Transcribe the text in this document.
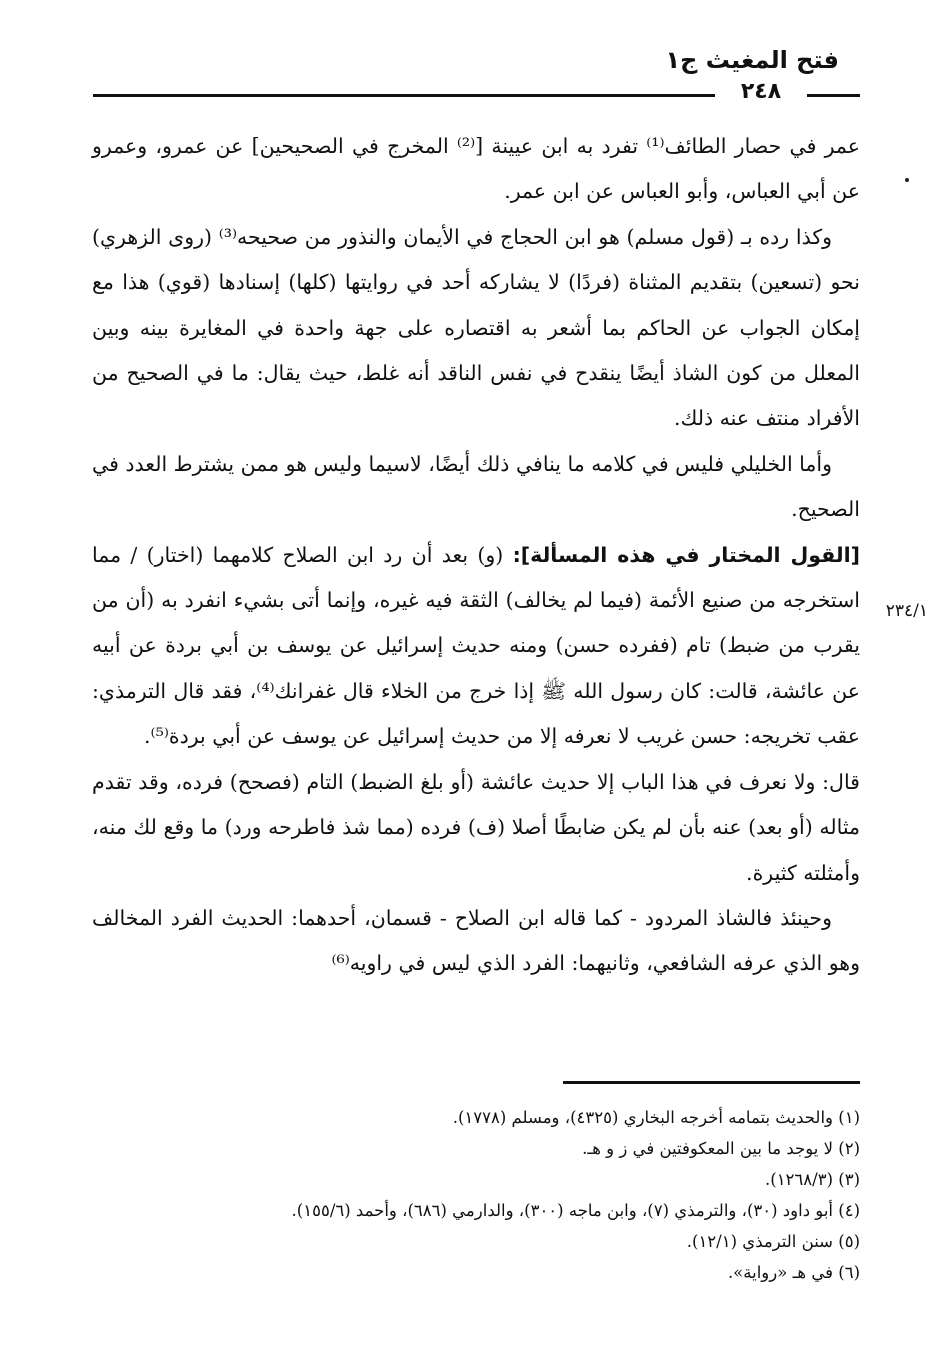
فتح المغيث ج١
٢٤٨
٢٣٤/١

عمر في حصار الطائف⁽¹⁾ تفرد به ابن عيينة [⁽²⁾ المخرج في الصحيحين] عن عمرو، وعمرو عن أبي العباس، وأبو العباس عن ابن عمر.

وكذا رده بـ (قول مسلم) هو ابن الحجاج في الأيمان والنذور من صحيحه⁽³⁾ (روى الزهري) نحو (تسعين) بتقديم المثناة (فردًا) لا يشاركه أحد في روايتها (كلها) إسنادها (قوي) هذا مع إمكان الجواب عن الحاكم بما أشعر به اقتصاره على جهة واحدة في المغايرة بينه وبين المعلل من كون الشاذ أيضًا ينقدح في نفس الناقد أنه غلط، حيث يقال: ما في الصحيح من الأفراد منتف عنه ذلك.

وأما الخليلي فليس في كلامه ما ينافي ذلك أيضًا، لاسيما وليس هو ممن يشترط العدد في الصحيح.

[القول المختار في هذه المسألة]: (و) بعد أن رد ابن الصلاح كلامهما (اختار) / مما استخرجه من صنيع الأئمة (فيما لم يخالف) الثقة فيه غيره، وإنما أتى بشيء انفرد به (أن من يقرب من ضبط) تام (ففرده حسن) ومنه حديث إسرائيل عن يوسف بن أبي بردة عن أبيه عن عائشة، قالت: كان رسول الله ﷺ إذا خرج من الخلاء قال غفرانك⁽⁴⁾، فقد قال الترمذي: عقب تخريجه: حسن غريب لا نعرفه إلا من حديث إسرائيل عن يوسف عن أبي بردة⁽⁵⁾.

قال: ولا نعرف في هذا الباب إلا حديث عائشة (أو بلغ الضبط) التام (فصحح) فرده، وقد تقدم مثاله (أو بعد) عنه بأن لم يكن ضابطًا أصلا (ف) فرده (مما شذ فاطرحه ورد) ما وقع لك منه، وأمثلته كثيرة.

وحينئذ فالشاذ المردود - كما قاله ابن الصلاح - قسمان، أحدهما: الحديث الفرد المخالف وهو الذي عرفه الشافعي، وثانيهما: الفرد الذي ليس في راويه⁽⁶⁾

(١) والحديث بتمامه أخرجه البخاري (٤٣٢٥)، ومسلم (١٧٧٨).
(٢) لا يوجد ما بين المعكوفتين في ز و هـ.
(٣) (١٢٦٨/٣).
(٤) أبو داود (٣٠)، والترمذي (٧)، وابن ماجه (٣٠٠)، والدارمي (٦٨٦)، وأحمد (١٥٥/٦).
(٥) سنن الترمذي (١٢/١).
(٦) في هـ «رواية».
